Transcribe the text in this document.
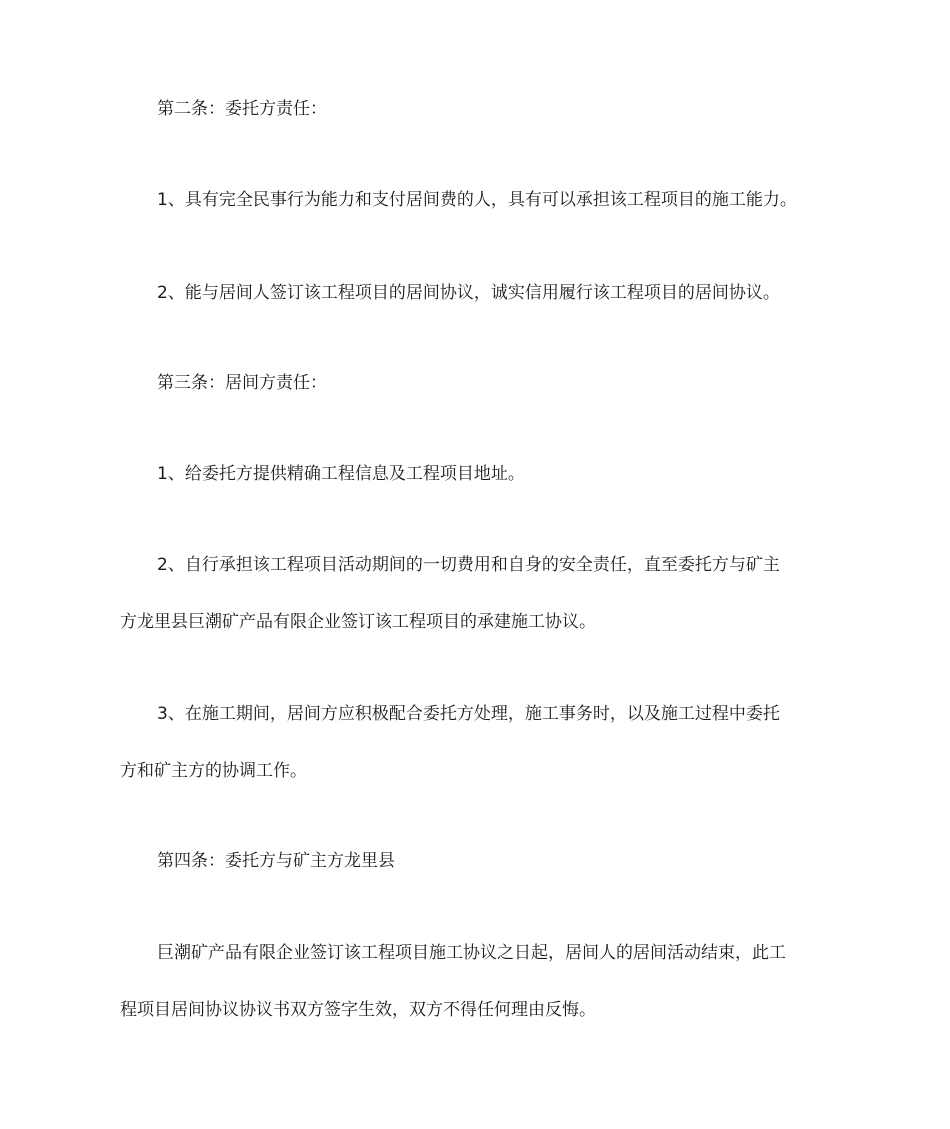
第二条：委托方责任：
1、具有完全民事行为能力和支付居间费的人，具有可以承担该工程项目的施工能力。
2、能与居间人签订该工程项目的居间协议，诚实信用履行该工程项目的居间协议。
第三条：居间方责任：
1、给委托方提供精确工程信息及工程项目地址。
2、自行承担该工程项目活动期间的一切费用和自身的安全责任，直至委托方与矿主
方龙里县巨潮矿产品有限企业签订该工程项目的承建施工协议。
3、在施工期间，居间方应积极配合委托方处理，施工事务时，以及施工过程中委托
方和矿主方的协调工作。
第四条：委托方与矿主方龙里县
巨潮矿产品有限企业签订该工程项目施工协议之日起，居间人的居间活动结束，此工
程项目居间协议协议书双方签字生效，双方不得任何理由反悔。
